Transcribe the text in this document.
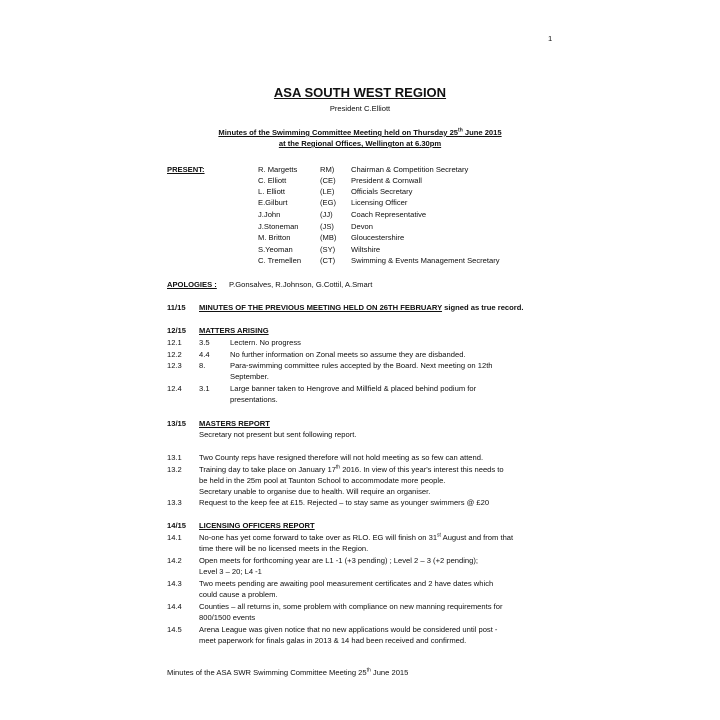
1
ASA SOUTH WEST REGION
President C.Elliott
Minutes of the Swimming Committee Meeting held on Thursday 25th June 2015
at the Regional Offices, Wellington at 6.30pm
PRESENT:	R. Margetts	RM) Chairman & Competition Secretary
C. Elliott	(CE) President & Cornwall
L. Elliott	(LE) Officials Secretary
E.Gilburt	(EG) Licensing Officer
J.John	(JJ) Coach Representative
J.Stoneman	(JS) Devon
M. Britton	(MB) Gloucestershire
S.Yeoman	(SY) Wiltshire
C. Tremellen (CT) Swimming & Events Management Secretary
APOLOGIES : P.Gonsalves, R.Johnson, G.Cottil, A.Smart
11/15 MINUTES OF THE PREVIOUS MEETING HELD ON 26TH FEBRUARY signed as true record.
12/15 MATTERS ARISING
12.1 3.5	Lectern. No progress
12.2 4.4	No further information on Zonal meets so assume they are disbanded.
12.3 8.	Para-swimming committee rules accepted by the Board. Next meeting on 12th
September.
12.4 3.1	Large banner taken to Hengrove and Millfield & placed behind podium for
presentations.
13/15 MASTERS REPORT
Secretary not present but sent following report.
13.1 Two County reps have resigned therefore will not hold meeting as so few can attend.
13.2 Training day to take place on January 17th 2016. In view of this year's interest this needs to
be held in the 25m pool at Taunton School to accommodate more people.
Secretary unable to organise due to health. Will require an organiser.
13.3 Request to the keep fee at £15. Rejected – to stay same as younger swimmers @ £20
14/15 LICENSING OFFICERS REPORT
14.1 No-one has yet come forward to take over as RLO. EG will finish on 31st August and from that
time there will be no licensed meets in the Region.
14.2 Open meets for forthcoming year are L1 -1 (+3 pending) ; Level 2 – 3 (+2 pending);
Level 3 – 20; L4 -1
14.3 Two meets pending are awaiting pool measurement certificates and 2 have dates which
could cause a problem.
14.4 Counties – all returns in, some problem with compliance on new manning requirements for
800/1500 events
14.5 Arena League was given notice that no new applications would be considered until post -
meet paperwork for finals galas in 2013 & 14 had been received and confirmed.
Minutes of the ASA SWR Swimming Committee Meeting 25th June 2015
